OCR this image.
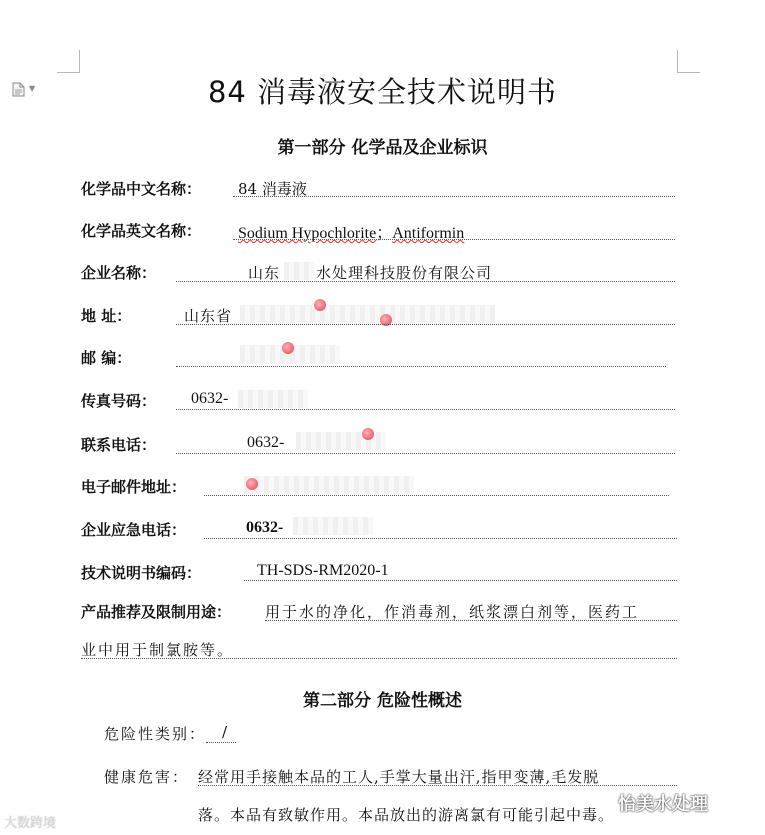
▼	84 消毒液安全技术说明书
第一部分 化学品及企业标识
化学品中文名称： 84 消毒液
化学品英文名称： Sodium Hypochlorite；Antiformin
企业名称：	山东 水处理科技股份有限公司
地 址：	山东省
邮 编：
传真号码： 0632-
联系电话：	0632-
电子邮件地址：
企业应急电话：	0632-
技术说明书编码：	TH-SDS-RM2020-1
产品推荐及限制用途： 用于水的净化，作消毒剂，纸浆漂白剂等，医药工
业中用于制氯胺等。
第二部分 危险性概述
危险性类别： /
健康危害： 经常用手接触本品的工人,手掌大量出汗,指甲变薄,毛发脱
落。本品有致敏作用。本品放出的游离氯有可能引起中毒。
大数跨境
怡美水处理
